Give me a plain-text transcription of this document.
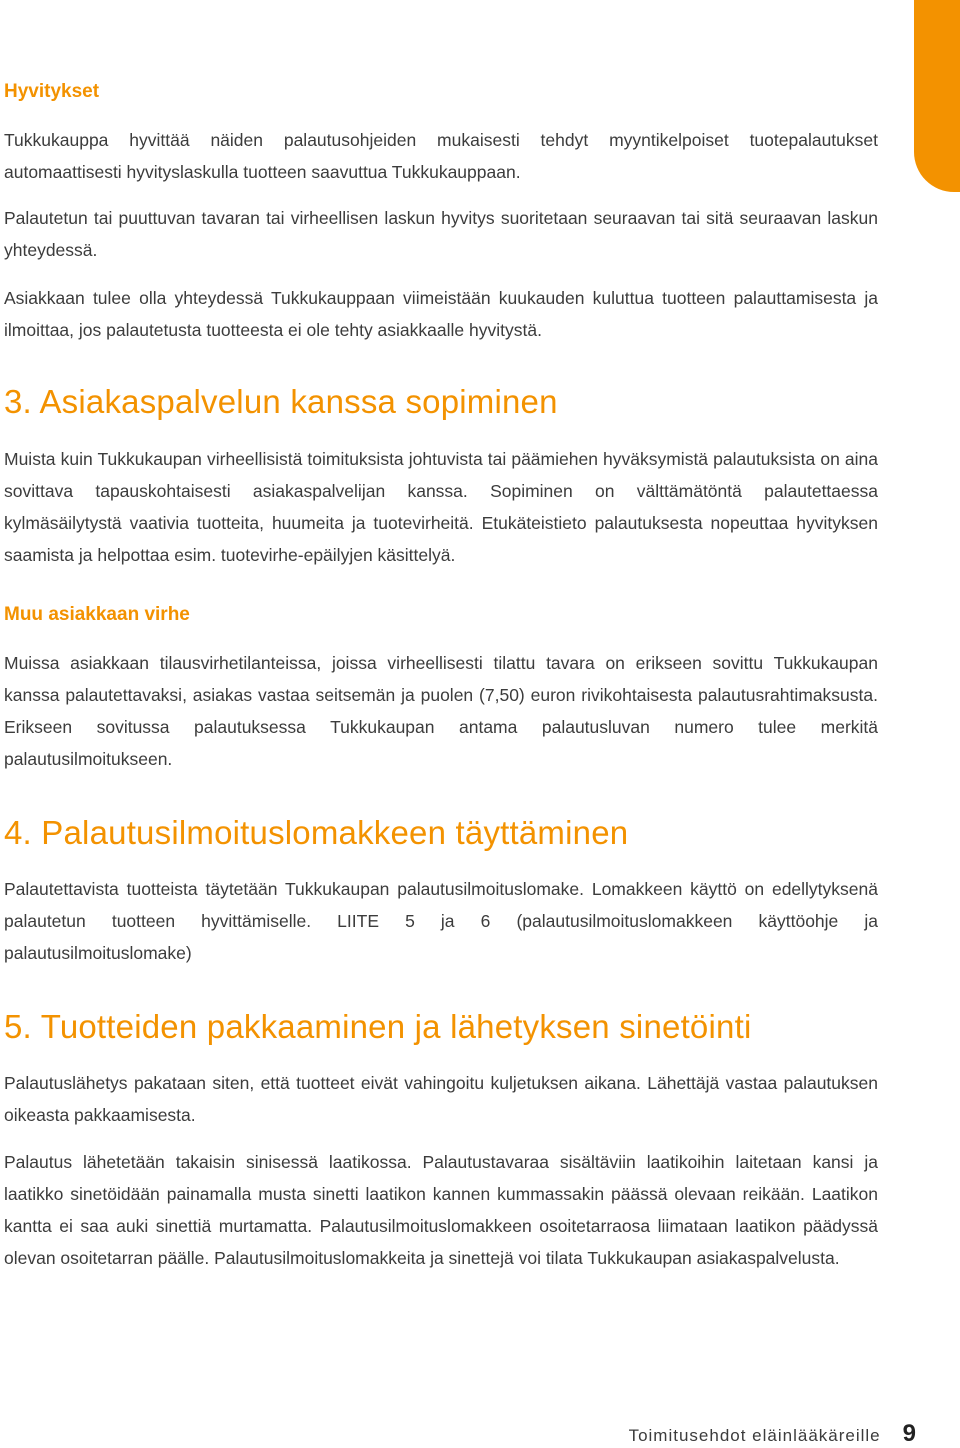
Hyvitykset

Tukkukauppa hyvittää näiden palautusohjeiden mukaisesti tehdyt myyntikelpoiset tuotepalautukset automaattisesti hyvityslaskulla tuotteen saavuttua Tukkukauppaan.

Palautetun tai puuttuvan tavaran tai virheellisen laskun hyvitys suoritetaan seuraavan tai sitä seuraavan laskun yhteydessä.

Asiakkaan tulee olla yhteydessä Tukkukauppaan viimeistään kuukauden kuluttua tuotteen palauttamisesta ja ilmoittaa, jos palautetusta tuotteesta ei ole tehty asiakkaalle hyvitystä.

3. Asiakaspalvelun kanssa sopiminen

Muista kuin Tukkukaupan virheellisistä toimituksista johtuvista tai päämiehen hyväksymistä palautuksista on aina sovittava tapauskohtaisesti asiakaspalvelijan kanssa. Sopiminen on välttämätöntä palautettaessa kylmäsäilytystä vaativia tuotteita, huumeita ja tuotevirheitä. Etukäteistieto palautuksesta nopeuttaa hyvityksen saamista ja helpottaa esim. tuotevirhe-epäilyjen käsittelyä.

Muu asiakkaan virhe

Muissa asiakkaan tilausvirhetilanteissa, joissa virheellisesti tilattu tavara on erikseen sovittu Tukkukaupan kanssa palautettavaksi, asiakas vastaa seitsemän ja puolen (7,50) euron rivikohtaisesta palautusrahtimaksusta. Erikseen sovitussa palautuksessa Tukkukaupan antama palautusluvan numero tulee merkitä palautusilmoitukseen.

4. Palautusilmoituslomakkeen täyttäminen

Palautettavista tuotteista täytetään Tukkukaupan palautusilmoituslomake. Lomakkeen käyttö on edellytyksenä palautetun tuotteen hyvittämiselle. LIITE 5 ja 6 (palautusilmoituslomakkeen käyttöohje ja palautusilmoituslomake)

5. Tuotteiden pakkaaminen ja lähetyksen sinetöinti

Palautuslähetys pakataan siten, että tuotteet eivät vahingoitu kuljetuksen aikana. Lähettäjä vastaa palautuksen oikeasta pakkaamisesta.

Palautus lähetetään takaisin sinisessä laatikossa. Palautustavaraa sisältäviin laatikoihin laitetaan kansi ja laatikko sinetöidään painamalla musta sinetti laatikon kannen kummassakin päässä olevaan reikään. Laatikon kantta ei saa auki sinettiä murtamatta. Palautusilmoituslomakkeen osoitetarraosa liimataan laatikon päädyssä olevan osoitetarran päälle. Palautusilmoituslomakkeita ja sinettejä voi tilata Tukkukaupan asiakaspalvelusta.

Toimitusehdot eläinlääkäreille 9
